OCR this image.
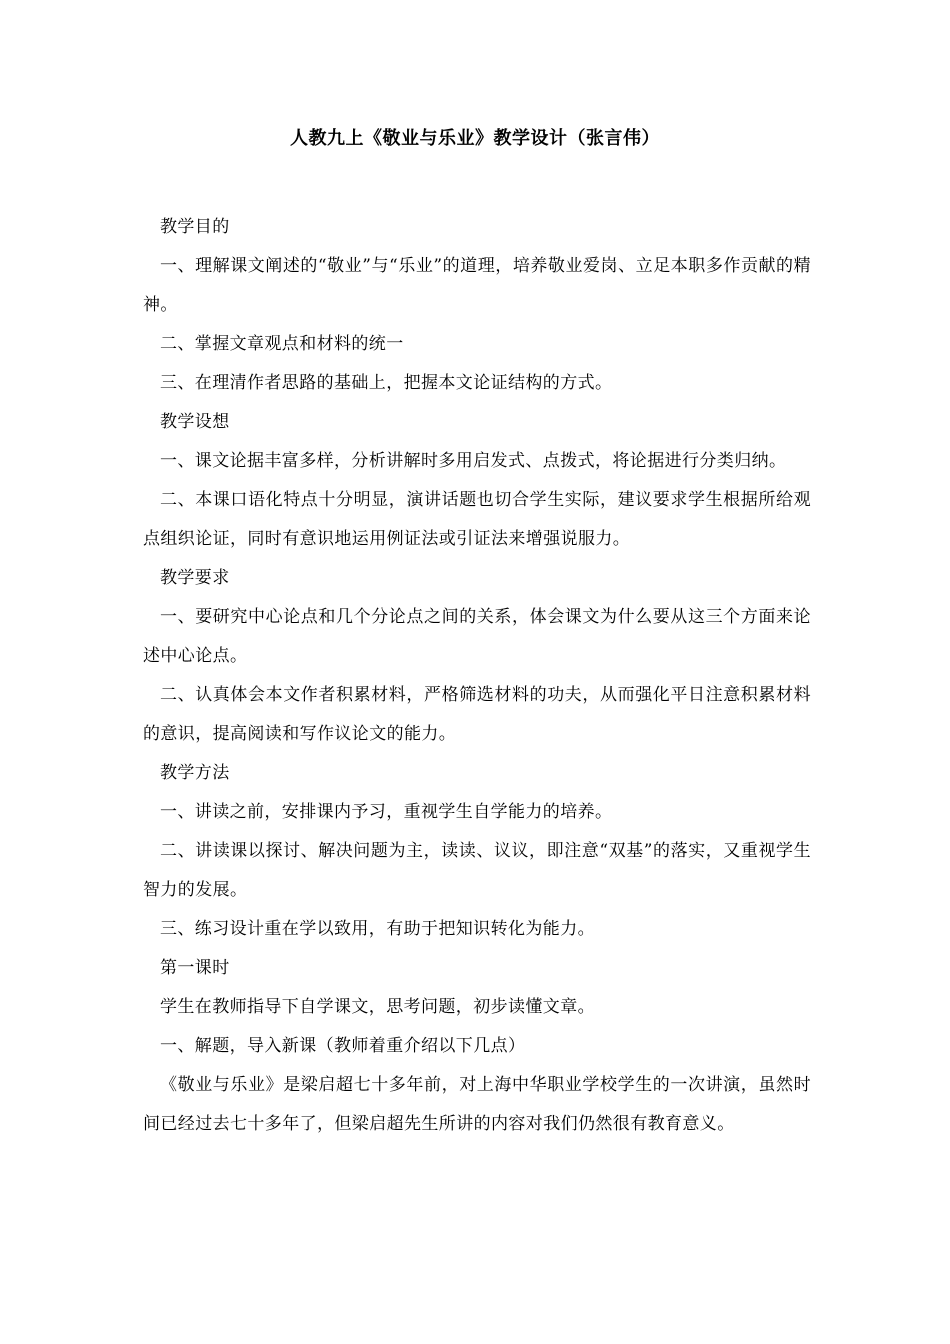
人教九上《敬业与乐业》教学设计（张言伟）

教学目的

一、理解课文阐述的“敬业”与“乐业”的道理，培养敬业爱岗、立足本职多作贡献的精神。

二、掌握文章观点和材料的统一

三、在理清作者思路的基础上，把握本文论证结构的方式。

教学设想

一、课文论据丰富多样，分析讲解时多用启发式、点拨式，将论据进行分类归纳。

二、本课口语化特点十分明显，演讲话题也切合学生实际，建议要求学生根据所给观点组织论证，同时有意识地运用例证法或引证法来增强说服力。

教学要求

一、要研究中心论点和几个分论点之间的关系，体会课文为什么要从这三个方面来论述中心论点。

二、认真体会本文作者积累材料，严格筛选材料的功夫，从而强化平日注意积累材料的意识，提高阅读和写作议论文的能力。

教学方法

一、讲读之前，安排课内予习，重视学生自学能力的培养。

二、讲读课以探讨、解决问题为主，读读、议议，即注意“双基”的落实，又重视学生智力的发展。

三、练习设计重在学以致用，有助于把知识转化为能力。

第一课时

学生在教师指导下自学课文，思考问题，初步读懂文章。

一、解题，导入新课（教师着重介绍以下几点）

《敬业与乐业》是梁启超七十多年前，对上海中华职业学校学生的一次讲演，虽然时间已经过去七十多年了，但梁启超先生所讲的内容对我们仍然很有教育意义。
